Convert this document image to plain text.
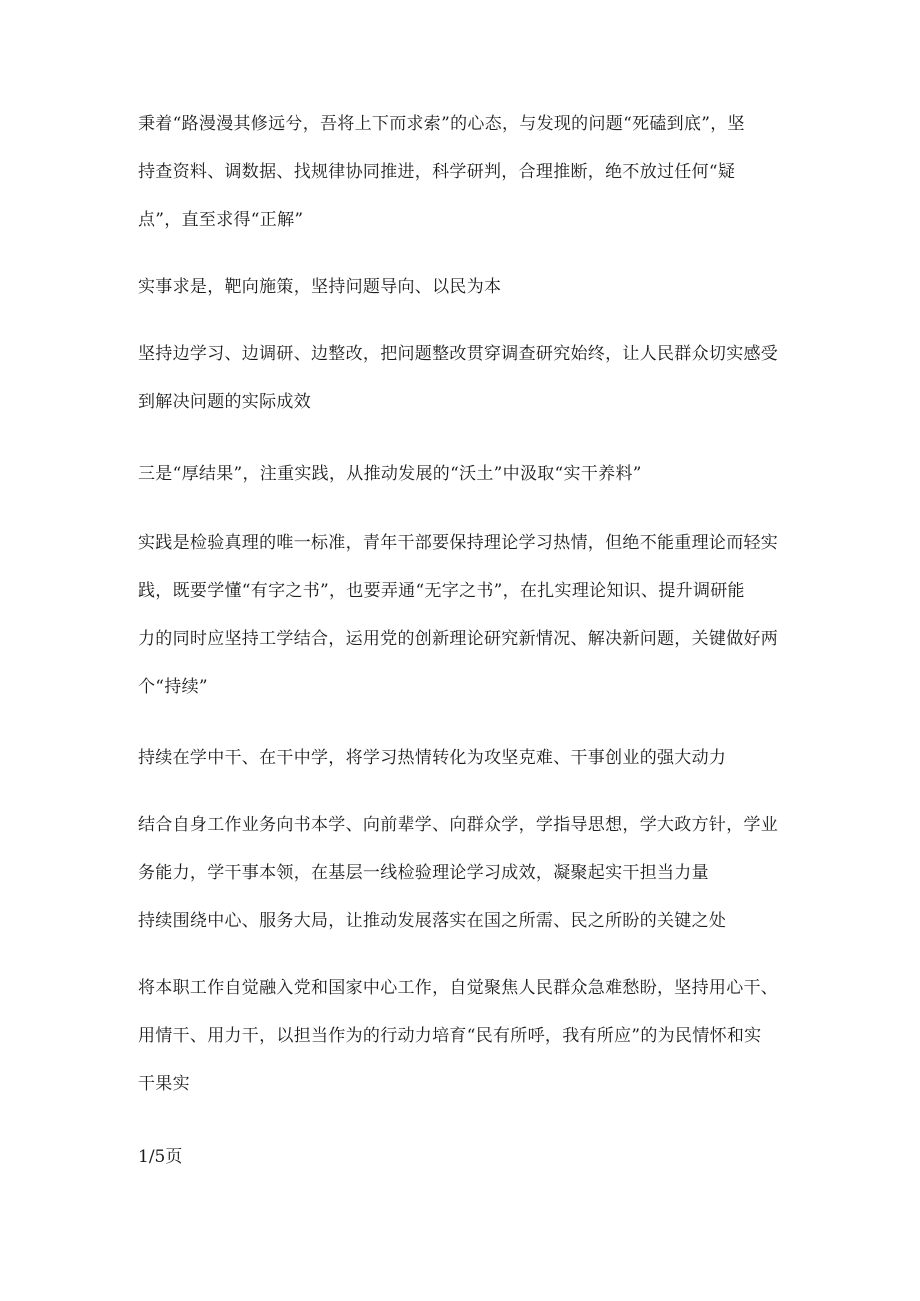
秉着“路漫漫其修远兮，吾将上下而求索”的心态，与发现的问题“死磕到底”，坚
持查资料、调数据、找规律协同推进，科学研判，合理推断，绝不放过任何“疑
点”，直至求得“正解”
实事求是，靶向施策，坚持问题导向、以民为本
坚持边学习、边调研、边整改，把问题整改贯穿调查研究始终，让人民群众切实感受
到解决问题的实际成效
三是“厚结果”，注重实践，从推动发展的“沃土”中汲取“实干养料”
实践是检验真理的唯一标准，青年干部要保持理论学习热情，但绝不能重理论而轻实
践，既要学懂“有字之书”，也要弄通“无字之书”，在扎实理论知识、提升调研能
力的同时应坚持工学结合，运用党的创新理论研究新情况、解决新问题，关键做好两
个“持续”
持续在学中干、在干中学，将学习热情转化为攻坚克难、干事创业的强大动力
结合自身工作业务向书本学、向前辈学、向群众学，学指导思想，学大政方针，学业
务能力，学干事本领，在基层一线检验理论学习成效，凝聚起实干担当力量
持续围绕中心、服务大局，让推动发展落实在国之所需、民之所盼的关键之处
将本职工作自觉融入党和国家中心工作，自觉聚焦人民群众急难愁盼，坚持用心干、
用情干、用力干，以担当作为的行动力培育“民有所呼，我有所应”的为民情怀和实
干果实
1/5页
